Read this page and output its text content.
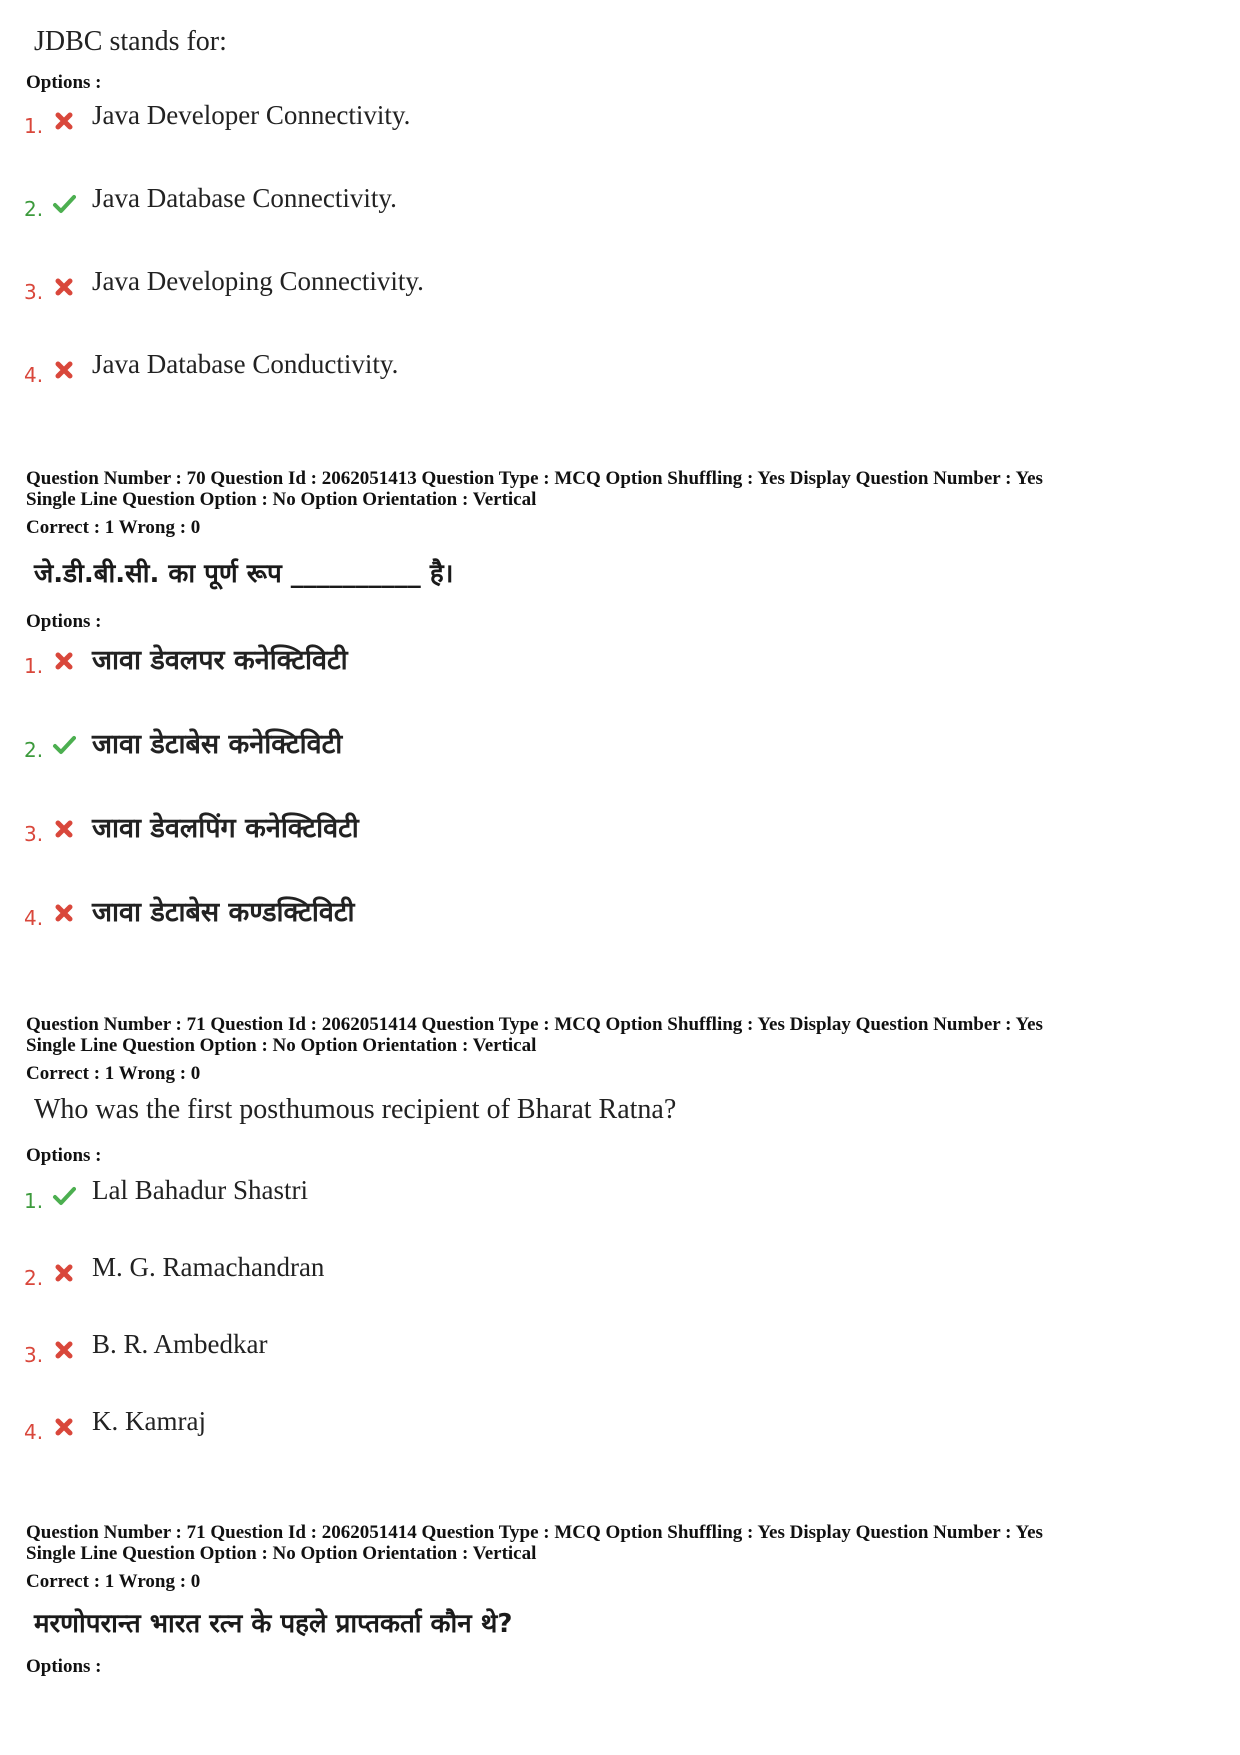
JDBC stands for:
Options :
1. Java Developer Connectivity.
2. Java Database Connectivity.
3. Java Developing Connectivity.
4. Java Database Conductivity.
Question Number : 70 Question Id : 2062051413 Question Type : MCQ Option Shuffling : Yes Display Question Number : Yes
Single Line Question Option : No Option Orientation : Vertical
Correct : 1 Wrong : 0
जे.डी.बी.सी. का पूर्ण रूप __________ है।
Options :
1. जावा डेवलपर कनेक्टिविटी
2. जावा डेटाबेस कनेक्टिविटी
3. जावा डेवलपिंग कनेक्टिविटी
4. जावा डेटाबेस कण्डक्टिविटी
Question Number : 71 Question Id : 2062051414 Question Type : MCQ Option Shuffling : Yes Display Question Number : Yes
Single Line Question Option : No Option Orientation : Vertical
Correct : 1 Wrong : 0
Who was the first posthumous recipient of Bharat Ratna?
Options :
1. Lal Bahadur Shastri
2. M. G. Ramachandran
3. B. R. Ambedkar
4. K. Kamraj
Question Number : 71 Question Id : 2062051414 Question Type : MCQ Option Shuffling : Yes Display Question Number : Yes
Single Line Question Option : No Option Orientation : Vertical
Correct : 1 Wrong : 0
मरणोपरान्त भारत रत्न के पहले प्राप्तकर्ता कौन थे?
Options :
